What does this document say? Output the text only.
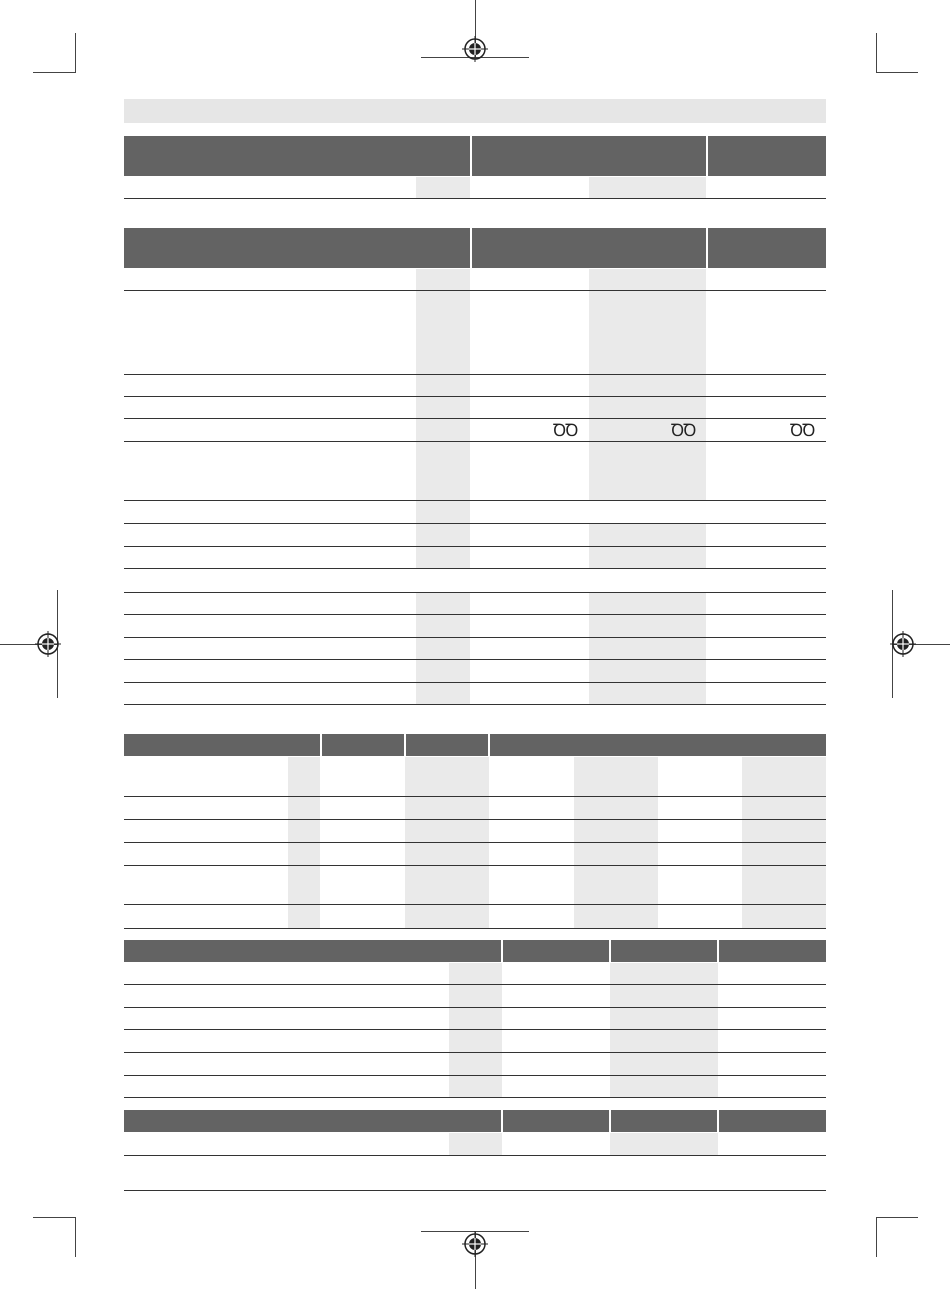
ꝹꝹ	ꝹꝹ	ꝹꝹ
